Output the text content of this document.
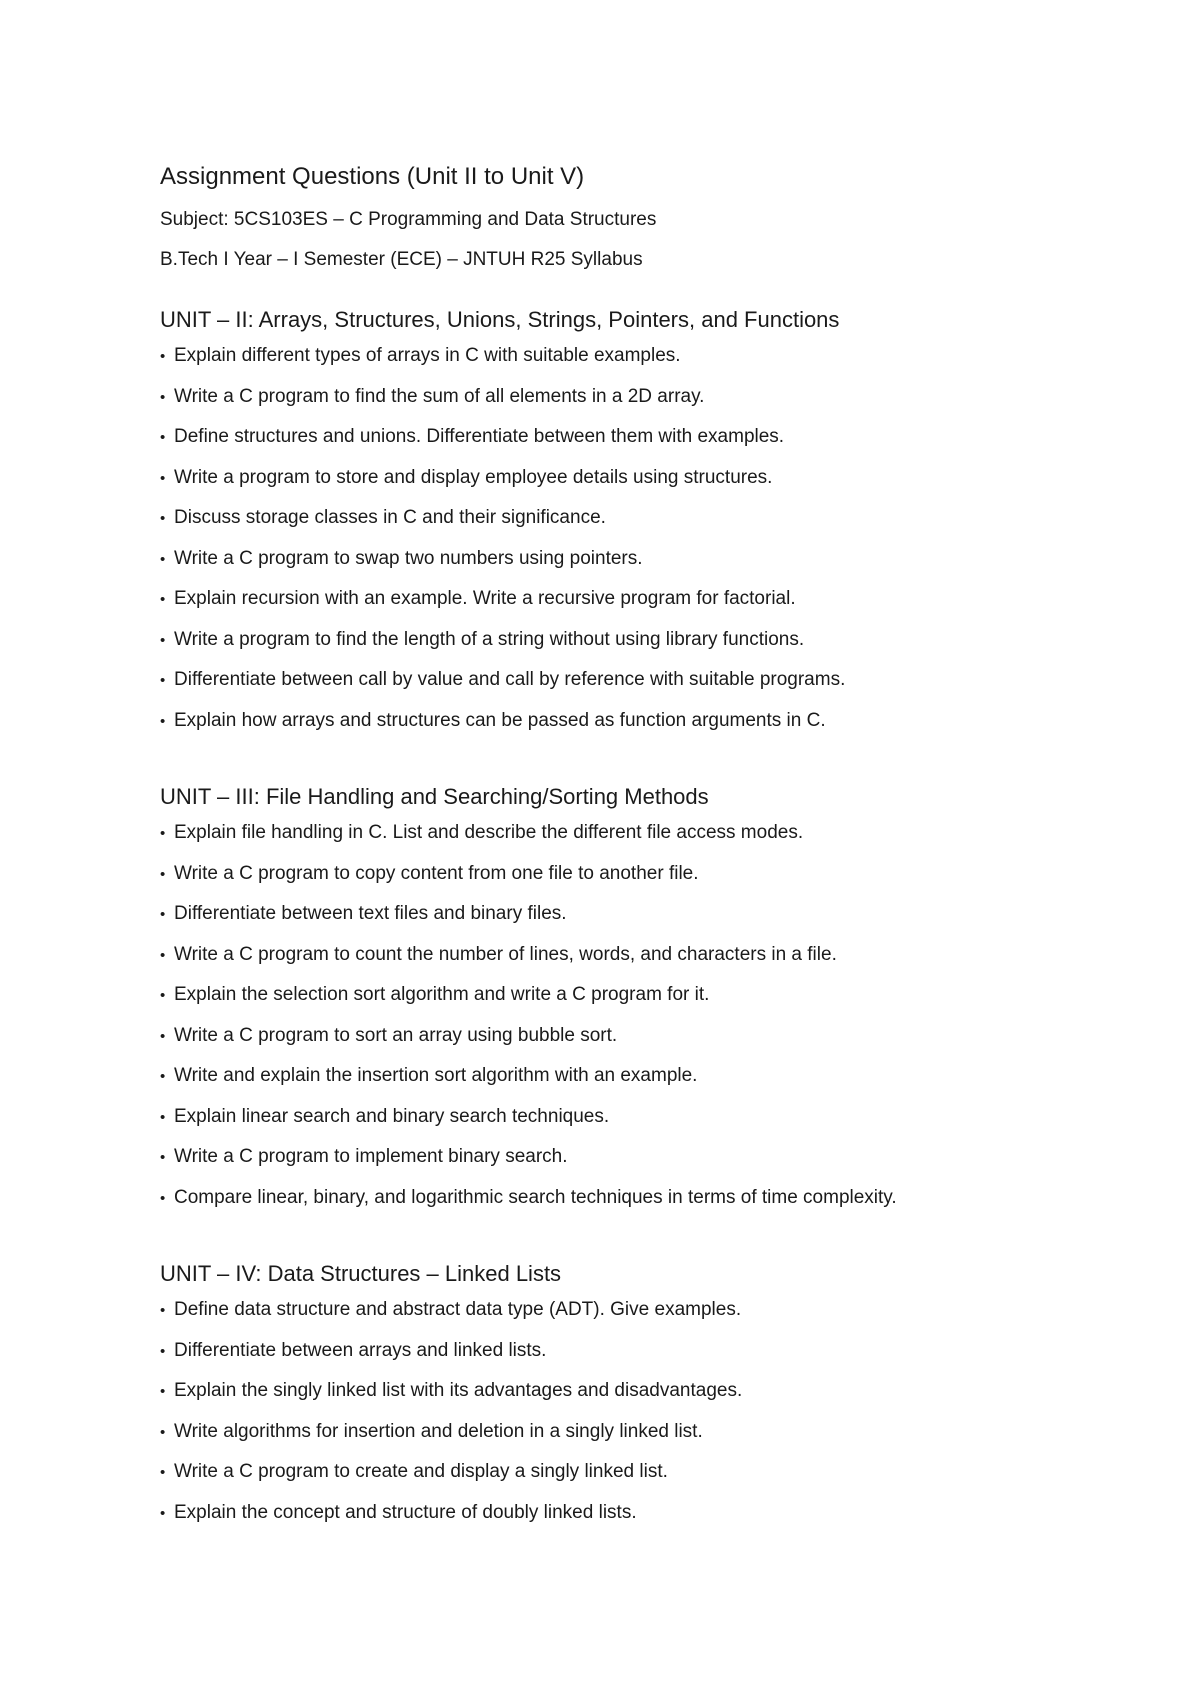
Assignment Questions (Unit II to Unit V)

Subject: 5CS103ES – C Programming and Data Structures

B.Tech I Year – I Semester (ECE) – JNTUH R25 Syllabus

UNIT – II: Arrays, Structures, Unions, Strings, Pointers, and Functions
• Explain different types of arrays in C with suitable examples.
• Write a C program to find the sum of all elements in a 2D array.
• Define structures and unions. Differentiate between them with examples.
• Write a program to store and display employee details using structures.
• Discuss storage classes in C and their significance.
• Write a C program to swap two numbers using pointers.
• Explain recursion with an example. Write a recursive program for factorial.
• Write a program to find the length of a string without using library functions.
• Differentiate between call by value and call by reference with suitable programs.
• Explain how arrays and structures can be passed as function arguments in C.
UNIT – III: File Handling and Searching/Sorting Methods
• Explain file handling in C. List and describe the different file access modes.
• Write a C program to copy content from one file to another file.
• Differentiate between text files and binary files.
• Write a C program to count the number of lines, words, and characters in a file.
• Explain the selection sort algorithm and write a C program for it.
• Write a C program to sort an array using bubble sort.
• Write and explain the insertion sort algorithm with an example.
• Explain linear search and binary search techniques.
• Write a C program to implement binary search.
• Compare linear, binary, and logarithmic search techniques in terms of time complexity.
UNIT – IV: Data Structures – Linked Lists
• Define data structure and abstract data type (ADT). Give examples.
• Differentiate between arrays and linked lists.
• Explain the singly linked list with its advantages and disadvantages.
• Write algorithms for insertion and deletion in a singly linked list.
• Write a C program to create and display a singly linked list.
• Explain the concept and structure of doubly linked lists.
